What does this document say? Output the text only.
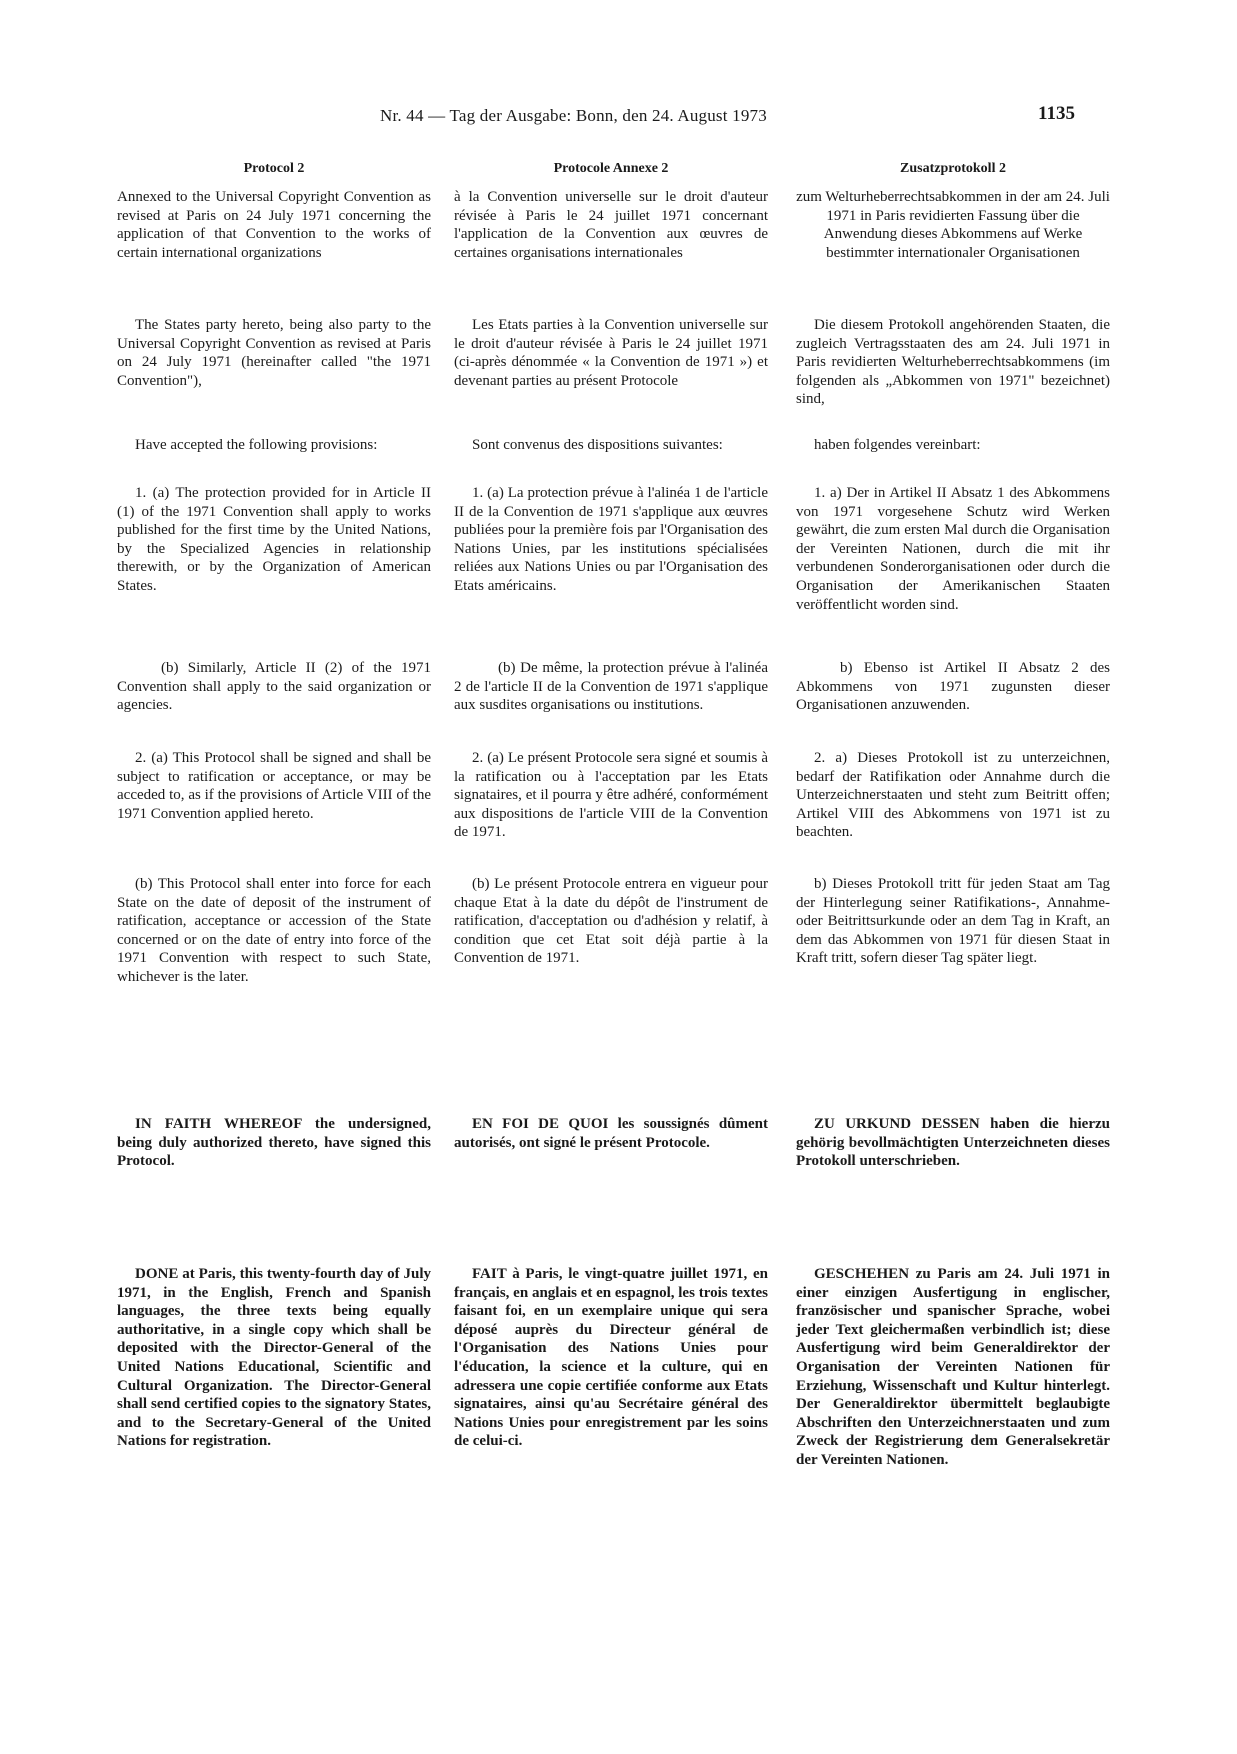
Nr. 44 — Tag der Ausgabe: Bonn, den 24. August 1973	1135

Protocol 2

Annexed to the Universal Copyright Convention as revised at Paris on 24 July 1971 concerning the application of that Convention to the works of certain international organizations

The States party hereto, being also party to the Universal Copyright Convention as revised at Paris on 24 July 1971 (hereinafter called "the 1971 Convention"),

Have accepted the following provisions:

1. (a) The protection provided for in Article II (1) of the 1971 Convention shall apply to works published for the first time by the United Nations, by the Specialized Agencies in relationship therewith, or by the Organization of American States.

(b) Similarly, Article II (2) of the 1971 Convention shall apply to the said organization or agencies.

2. (a) This Protocol shall be signed and shall be subject to ratification or acceptance, or may be acceded to, as if the provisions of Article VIII of the 1971 Convention applied hereto.

(b) This Protocol shall enter into force for each State on the date of deposit of the instrument of ratification, acceptance or accession of the State concerned or on the date of entry into force of the 1971 Convention with respect to such State, whichever is the later.

IN FAITH WHEREOF the undersigned, being duly authorized thereto, have signed this Protocol.

DONE at Paris, this twenty-fourth day of July 1971, in the English, French and Spanish languages, the three texts being equally authoritative, in a single copy which shall be deposited with the Director-General of the United Nations Educational, Scientific and Cultural Organization. The Director-General shall send certified copies to the signatory States, and to the Secretary-General of the United Nations for registration.

Protocole Annexe 2

à la Convention universelle sur le droit d'auteur révisée à Paris le 24 juillet 1971 concernant l'application de la Convention aux œuvres de certaines organisations internationales

Les Etats parties à la Convention universelle sur le droit d'auteur révisée à Paris le 24 juillet 1971 (ci-après dénommée « la Convention de 1971 ») et devenant parties au présent Protocole

Sont convenus des dispositions suivantes:

1. (a) La protection prévue à l'alinéa 1 de l'article II de la Convention de 1971 s'applique aux œuvres publiées pour la première fois par l'Organisation des Nations Unies, par les institutions spécialisées reliées aux Nations Unies ou par l'Organisation des Etats américains.

(b) De même, la protection prévue à l'alinéa 2 de l'article II de la Convention de 1971 s'applique aux susdites organisations ou institutions.

2. (a) Le présent Protocole sera signé et soumis à la ratification ou à l'acceptation par les Etats signataires, et il pourra y être adhéré, conformément aux dispositions de l'article VIII de la Convention de 1971.

(b) Le présent Protocole entrera en vigueur pour chaque Etat à la date du dépôt de l'instrument de ratification, d'acceptation ou d'adhésion y relatif, à condition que cet Etat soit déjà partie à la Convention de 1971.

EN FOI DE QUOI les soussignés dûment autorisés, ont signé le présent Protocole.

FAIT à Paris, le vingt-quatre juillet 1971, en français, en anglais et en espagnol, les trois textes faisant foi, en un exemplaire unique qui sera déposé auprès du Directeur général de l'Organisation des Nations Unies pour l'éducation, la science et la culture, qui en adressera une copie certifiée conforme aux Etats signataires, ainsi qu'au Secrétaire général des Nations Unies pour enregistrement par les soins de celui-ci.

Zusatzprotokoll 2

zum Welturheberrechtsabkommen in der am 24. Juli 1971 in Paris revidierten Fassung über die Anwendung dieses Abkommens auf Werke bestimmter internationaler Organisationen

Die diesem Protokoll angehörenden Staaten, die zugleich Vertragsstaaten des am 24. Juli 1971 in Paris revidierten Welturheberrechtsabkommens (im folgenden als „Abkommen von 1971" bezeichnet) sind,

haben folgendes vereinbart:

1. a) Der in Artikel II Absatz 1 des Abkommens von 1971 vorgesehene Schutz wird Werken gewährt, die zum ersten Mal durch die Organisation der Vereinten Nationen, durch die mit ihr verbundenen Sonderorganisationen oder durch die Organisation der Amerikanischen Staaten veröffentlicht worden sind.

b) Ebenso ist Artikel II Absatz 2 des Abkommens von 1971 zugunsten dieser Organisationen anzuwenden.

2. a) Dieses Protokoll ist zu unterzeichnen, bedarf der Ratifikation oder Annahme durch die Unterzeichnerstaaten und steht zum Beitritt offen; Artikel VIII des Abkommens von 1971 ist zu beachten.

b) Dieses Protokoll tritt für jeden Staat am Tag der Hinterlegung seiner Ratifikations-, Annahme- oder Beitrittsurkunde oder an dem Tag in Kraft, an dem das Abkommen von 1971 für diesen Staat in Kraft tritt, sofern dieser Tag später liegt.

ZU URKUND DESSEN haben die hierzu gehörig bevollmächtigten Unterzeichneten dieses Protokoll unterschrieben.

GESCHEHEN zu Paris am 24. Juli 1971 in einer einzigen Ausfertigung in englischer, französischer und spanischer Sprache, wobei jeder Text gleichermaßen verbindlich ist; diese Ausfertigung wird beim Generaldirektor der Organisation der Vereinten Nationen für Erziehung, Wissenschaft und Kultur hinterlegt. Der Generaldirektor übermittelt beglaubigte Abschriften den Unterzeichnerstaaten und zum Zweck der Registrierung dem Generalsekretär der Vereinten Nationen.
